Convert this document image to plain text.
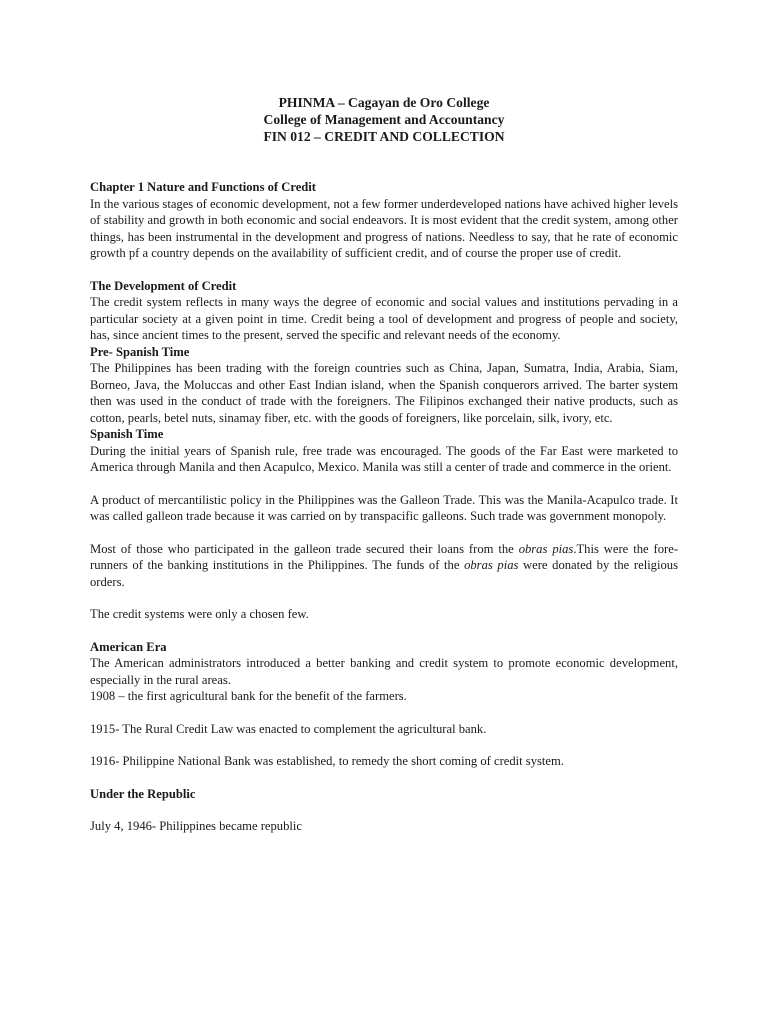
PHINMA – Cagayan de Oro College
College of Management and Accountancy
FIN 012 – CREDIT AND COLLECTION
Chapter 1 Nature and Functions of Credit

In the various stages of economic development, not a few former underdeveloped nations have achived higher levels of stability and growth in both economic and social endeavors. It is most evident that the credit system, among other things, has been instrumental in the development and progress of nations. Needless to say, that he rate of economic growth pf a country depends on the availability of sufficient credit, and of course the proper use of credit.

The Development of Credit

The credit system reflects in many ways the degree of economic and social values and institutions pervading in a particular society at a given point in time. Credit being a tool of development and progress of people and society, has, since ancient times to the present, served the specific and relevant needs of the economy.

Pre- Spanish Time

The Philippines has been trading with the foreign countries such as China, Japan, Sumatra, India, Arabia, Siam, Borneo, Java, the Moluccas and other East Indian island, when the Spanish conquerors arrived. The barter system then was used in the conduct of trade with the foreigners. The Filipinos exchanged their native products, such as cotton, pearls, betel nuts, sinamay fiber, etc. with the goods of foreigners, like porcelain, silk, ivory, etc.

Spanish Time

During the initial years of Spanish rule, free trade was encouraged. The goods of the Far East were marketed to America through Manila and then Acapulco, Mexico. Manila was still a center of trade and commerce in the orient.

A product of mercantilistic policy in the Philippines was the Galleon Trade. This was the Manila-Acapulco trade. It was called galleon trade because it was carried on by transpacific galleons. Such trade was government monopoly.

Most of those who participated in the galleon trade secured their loans from the obras pias.This were the fore-runners of the banking institutions in the Philippines. The funds of the obras pias were donated by the religious orders.

The credit systems were only a chosen few.

American Era

The American administrators introduced a better banking and credit system to promote economic development, especially in the rural areas.

1908 – the first agricultural bank for the benefit of the farmers.

1915- The Rural Credit Law was enacted to complement the agricultural bank.

1916- Philippine National Bank was established, to remedy the short coming of credit system.

Under the Republic

July 4, 1946- Philippines became republic
